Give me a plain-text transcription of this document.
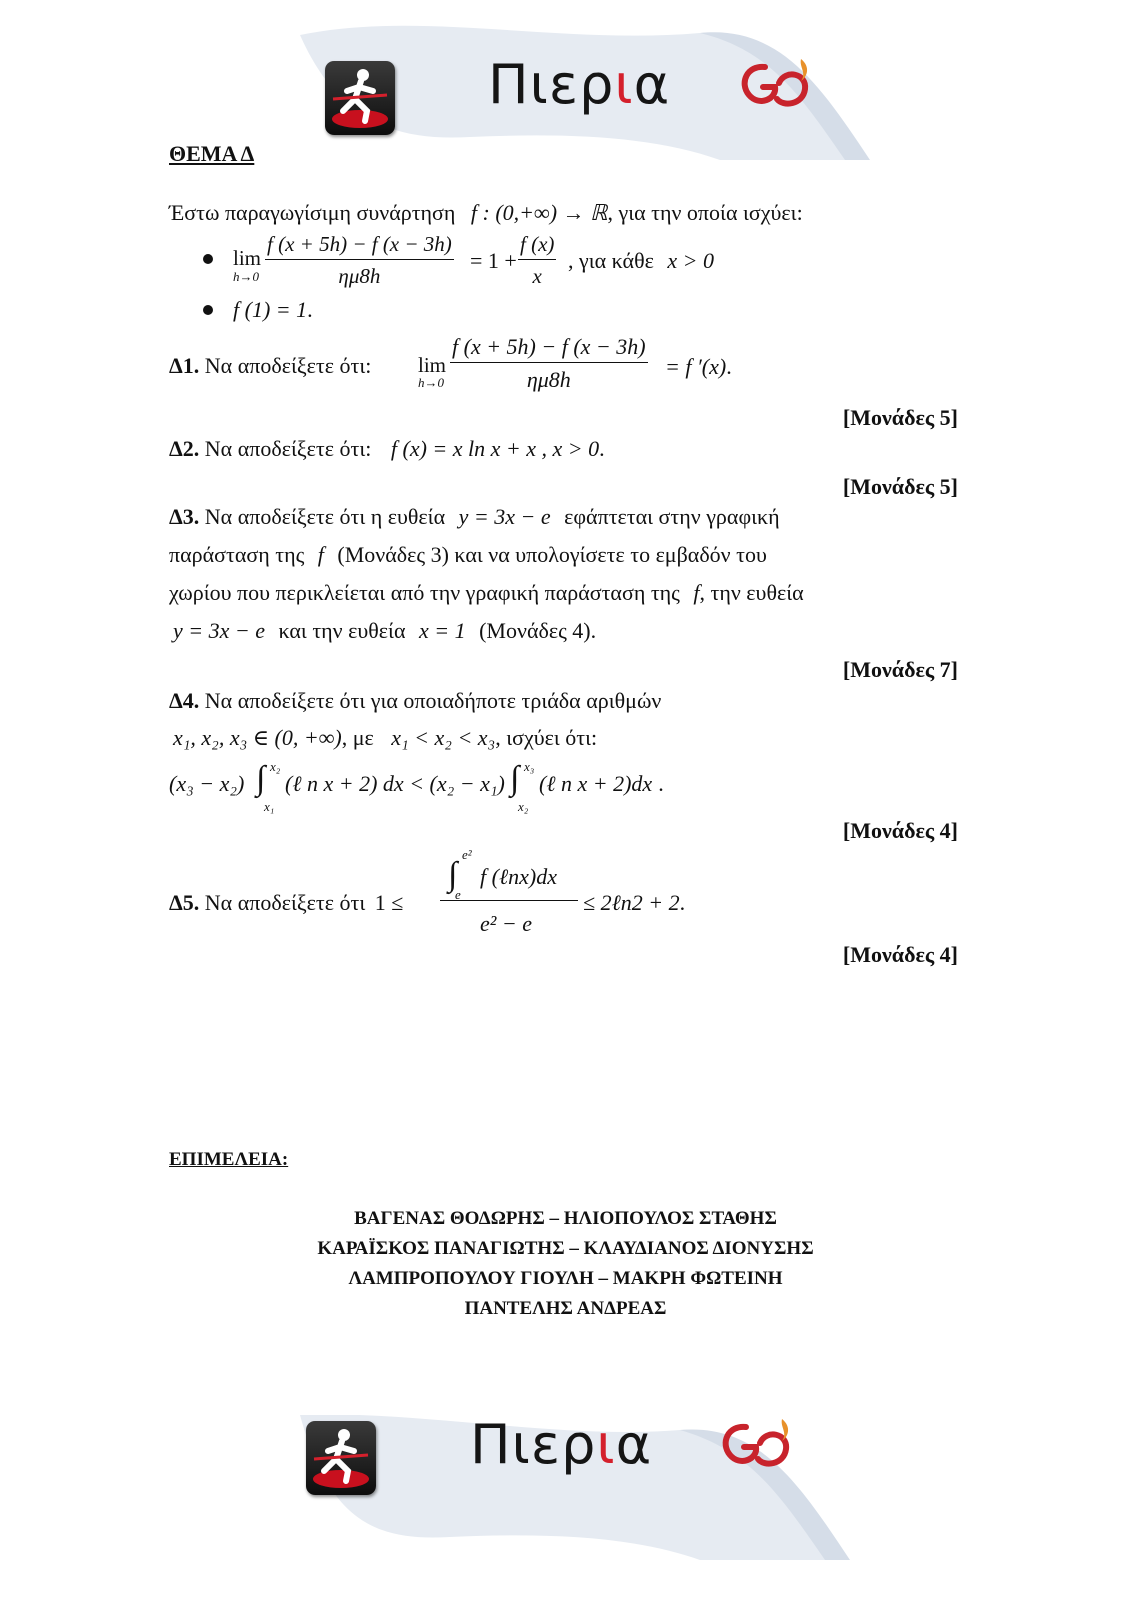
Πιερια
ΘΕΜΑ Δ
Έστω παραγωγίσιμη συνάρτηση f : (0,+∞) → ℝ, για την οποία ισχύει:
lim
$h\to 0 \frac{f (x + 5h) - f (x - 3h)}{\eta\mu 8h} = 1 + \frac{f (x)}{x}$ , για κάθε x > 0
f (1) = 1.
Δ1. Να αποδείξετε ότι: lim
$h\to 0 \frac{f (x + 5h) - f (x - 3h)}{\eta\mu 8h} = f$ ′(x).
[Μονάδες 5]
Δ2. Να αποδείξετε ότι: f (x) = x ln x + x , x > 0.
[Μονάδες 5]
Δ3. Να αποδείξετε ότι η ευθεία y = 3x − e εφάπτεται στην γραφική
παράσταση της f (Μονάδες 3) και να υπολογίσετε το εμβαδόν του
χωρίου που περικλείεται από την γραφική παράσταση της f, την ευθεία
y = 3x − e και την ευθεία x = 1 (Μονάδες 4).
[Μονάδες 7]
Δ4. Να αποδείξετε ότι για οποιαδήποτε τριάδα αριθμών
x₁, x₂, x₃ ∈ (0, +∞), με x₁ < x₂ < x₃, ισχύει ότι:
(x₃ − x₂) ∫ x₂
x₁
(ℓ n x + 2) dx < (x₂ − x₁) ∫ x₃
x₂
(ℓ n x + 2)dx .
[Μονάδες 4]
Δ5. Να αποδείξετε ότι 1 ≤
∫
e²
e
f (ℓnx)dx
e² − e
≤ 2ℓn2 + 2.
[Μονάδες 4]
ΕΠΙΜΕΛΕΙΑ:
ΒΑΓΕΝΑΣ ΘΟΔΩΡΗΣ – ΗΛΙΟΠΟΥΛΟΣ ΣΤΑΘΗΣ
ΚΑΡΑΪΣΚΟΣ ΠΑΝΑΓΙΩΤΗΣ – ΚΛΑΥΔΙΑΝΟΣ ΔΙΟΝΥΣΗΣ
ΛΑΜΠΡΟΠΟΥΛΟΥ ΓΙΟΥΛΗ – ΜΑΚΡΗ ΦΩΤΕΙΝΗ
ΠΑΝΤΕΛΗΣ ΑΝΔΡΕΑΣ
Πιερια
